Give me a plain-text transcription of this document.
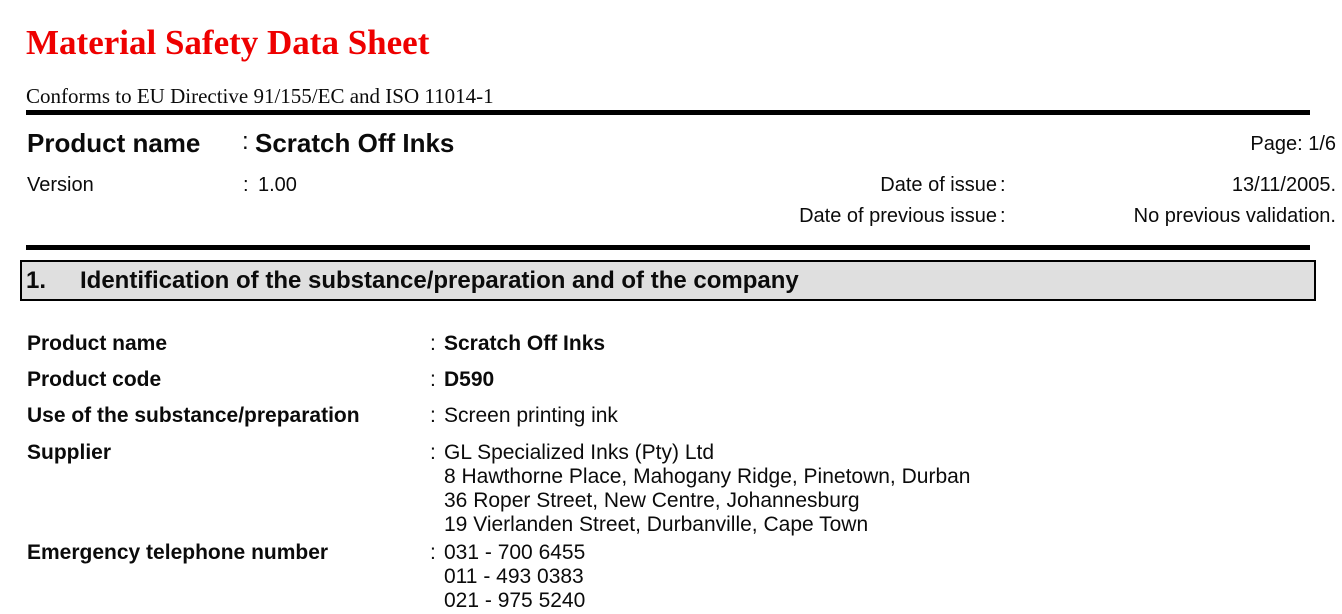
Material Safety Data Sheet
Conforms to EU Directive 91/155/EC and ISO 11014-1
Product name : Scratch Off Inks	Page: 1/6
Version	: 1.00	Date of issue :	13/11/2005.
Date of previous issue :	No previous validation.
1.	Identification of the substance/preparation and of the company
Product name	: Scratch Off Inks
Product code	: D590
Use of the substance/preparation	: Screen printing ink
Supplier	: GL Specialized Inks (Pty) Ltd
8 Hawthorne Place, Mahogany Ridge, Pinetown, Durban
36 Roper Street, New Centre, Johannesburg
19 Vierlanden Street, Durbanville, Cape Town
Emergency telephone number	: 031 - 700 6455
011 - 493 0383
021 - 975 5240
